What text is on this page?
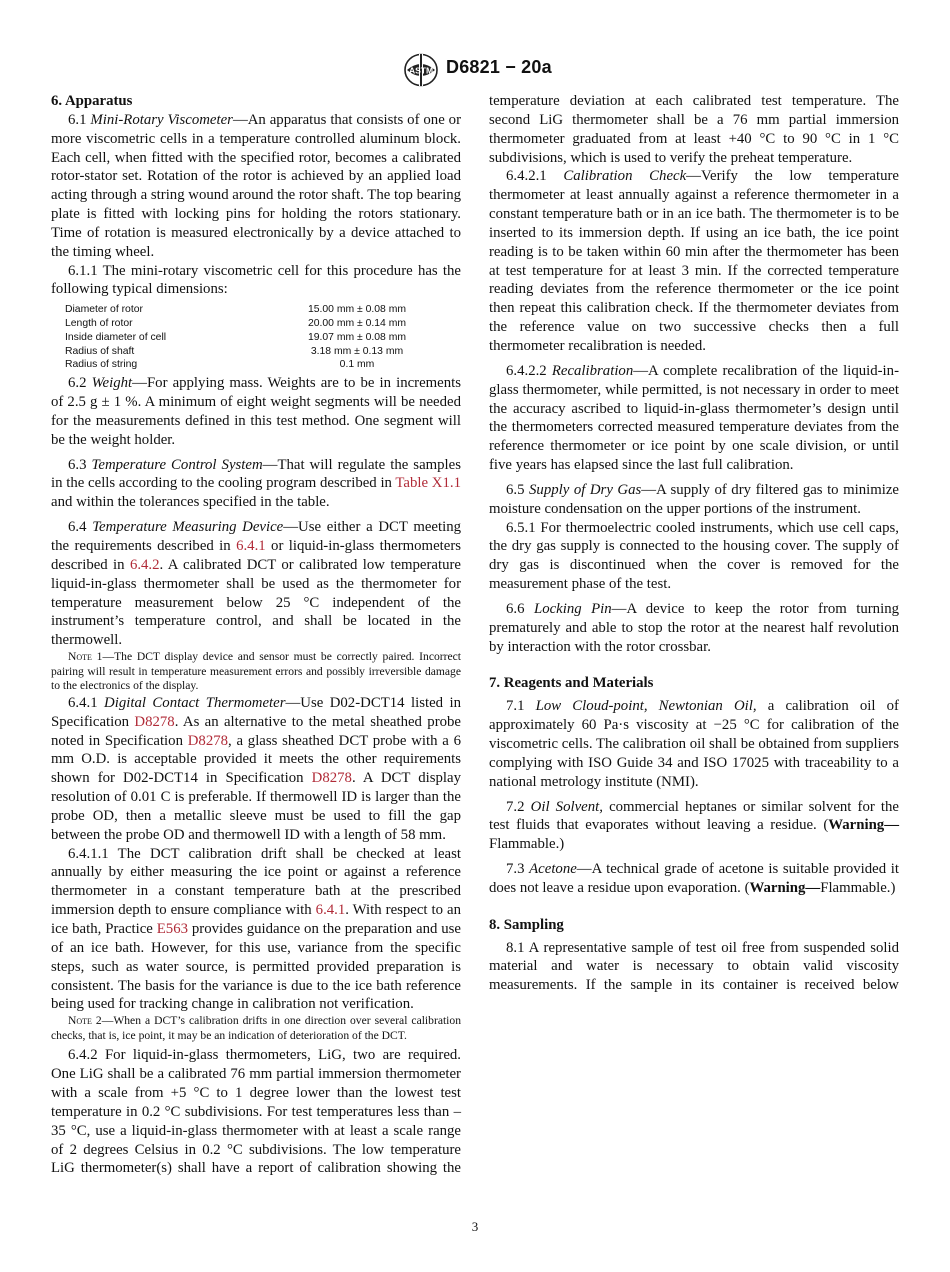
ASTM D6821 − 20a

6. Apparatus

6.1 Mini-Rotary Viscometer—An apparatus that consists of one or more viscometric cells in a temperature controlled aluminum block. Each cell, when fitted with the specified rotor, becomes a calibrated rotor-stator set. Rotation of the rotor is achieved by an applied load acting through a string wound around the rotor shaft. The top bearing plate is fitted with locking pins for holding the rotors stationary. Time of rotation is measured electronically by a device attached to the timing wheel.

6.1.1 The mini-rotary viscometric cell for this procedure has the following typical dimensions:

Diameter of rotor	15.00 mm ± 0.08 mm
Length of rotor	20.00 mm ± 0.14 mm
Inside diameter of cell	19.07 mm ± 0.08 mm
Radius of shaft	3.18 mm ± 0.13 mm
Radius of string	0.1 mm

6.2 Weight—For applying mass. Weights are to be in increments of 2.5 g ± 1 %. A minimum of eight weight segments will be needed for the measurements defined in this test method. One segment will be the weight holder.

6.3 Temperature Control System—That will regulate the samples in the cells according to the cooling program described in Table X1.1 and within the tolerances specified in the table.

6.4 Temperature Measuring Device—Use either a DCT meeting the requirements described in 6.4.1 or liquid-in-glass thermometers described in 6.4.2. A calibrated DCT or calibrated low temperature liquid-in-glass thermometer shall be used as the thermometer for temperature measurement below 25 °C independent of the instrument’s temperature control, and shall be located in the thermowell.

Note 1—The DCT display device and sensor must be correctly paired. Incorrect pairing will result in temperature measurement errors and possibly irreversible damage to the electronics of the display.

6.4.1 Digital Contact Thermometer—Use D02-DCT14 listed in Specification D8278. As an alternative to the metal sheathed probe noted in Specification D8278, a glass sheathed DCT probe with a 6 mm O.D. is acceptable provided it meets the other requirements shown for D02-DCT14 in Specification D8278. A DCT display resolution of 0.01 C is preferable. If thermowell ID is larger than the probe OD, then a metallic sleeve must be used to fill the gap between the probe OD and thermowell ID with a length of 58 mm.

6.4.1.1 The DCT calibration drift shall be checked at least annually by either measuring the ice point or against a reference thermometer in a constant temperature bath at the prescribed immersion depth to ensure compliance with 6.4.1. With respect to an ice bath, Practice E563 provides guidance on the preparation and use of an ice bath. However, for this use, variance from the specific steps, such as water source, is permitted provided preparation is consistent. The basis for the variance is due to the ice bath reference being used for tracking change in calibration not verification.

Note 2—When a DCT’s calibration drifts in one direction over several calibration checks, that is, ice point, it may be an indication of deterioration of the DCT.

6.4.2 For liquid-in-glass thermometers, LiG, two are required. One LiG shall be a calibrated 76 mm partial immersion thermometer with a scale from +5 °C to 1 degree lower than the lowest test temperature in 0.2 °C subdivisions. For test temperatures less than –35 °C, use a liquid-in-glass thermometer with at least a scale range of 2 degrees Celsius in 0.2 °C subdivisions. The low temperature LiG thermometer(s) shall have a report of calibration showing the

temperature deviation at each calibrated test temperature. The second LiG thermometer shall be a 76 mm partial immersion thermometer graduated from at least +40 °C to 90 °C in 1 °C subdivisions, which is used to verify the preheat temperature.

6.4.2.1 Calibration Check—Verify the low temperature thermometer at least annually against a reference thermometer in a constant temperature bath or in an ice bath. The thermometer is to be inserted to its immersion depth. If using an ice bath, the ice point reading is to be taken within 60 min after the thermometer has been at test temperature for at least 3 min. If the corrected temperature reading deviates from the reference thermometer or the ice point then repeat this calibration check. If the thermometer deviates from the reference value on two successive checks then a full thermometer recalibration is needed.

6.4.2.2 Recalibration—A complete recalibration of the liquid-in-glass thermometer, while permitted, is not necessary in order to meet the accuracy ascribed to liquid-in-glass thermometer’s design until the thermometers corrected measured temperature deviates from the reference thermometer or ice point by one scale division, or until five years has elapsed since the last full calibration.

6.5 Supply of Dry Gas—A supply of dry filtered gas to minimize moisture condensation on the upper portions of the instrument.

6.5.1 For thermoelectric cooled instruments, which use cell caps, the dry gas supply is connected to the housing cover. The supply of dry gas is discontinued when the cover is removed for the measurement phase of the test.

6.6 Locking Pin—A device to keep the rotor from turning prematurely and able to stop the rotor at the nearest half revolution by interaction with the rotor crossbar.

7. Reagents and Materials

7.1 Low Cloud-point, Newtonian Oil, a calibration oil of approximately 60 Pa·s viscosity at −25 °C for calibration of the viscometric cells. The calibration oil shall be obtained from suppliers complying with ISO Guide 34 and ISO 17025 with traceability to a national metrology institute (NMI).

7.2 Oil Solvent, commercial heptanes or similar solvent for the test fluids that evaporates without leaving a residue. (Warning—Flammable.)

7.3 Acetone—A technical grade of acetone is suitable provided it does not leave a residue upon evaporation. (Warning—Flammable.)

8. Sampling

8.1 A representative sample of test oil free from suspended solid material and water is necessary to obtain valid viscosity measurements. If the sample in its container is received below

3
